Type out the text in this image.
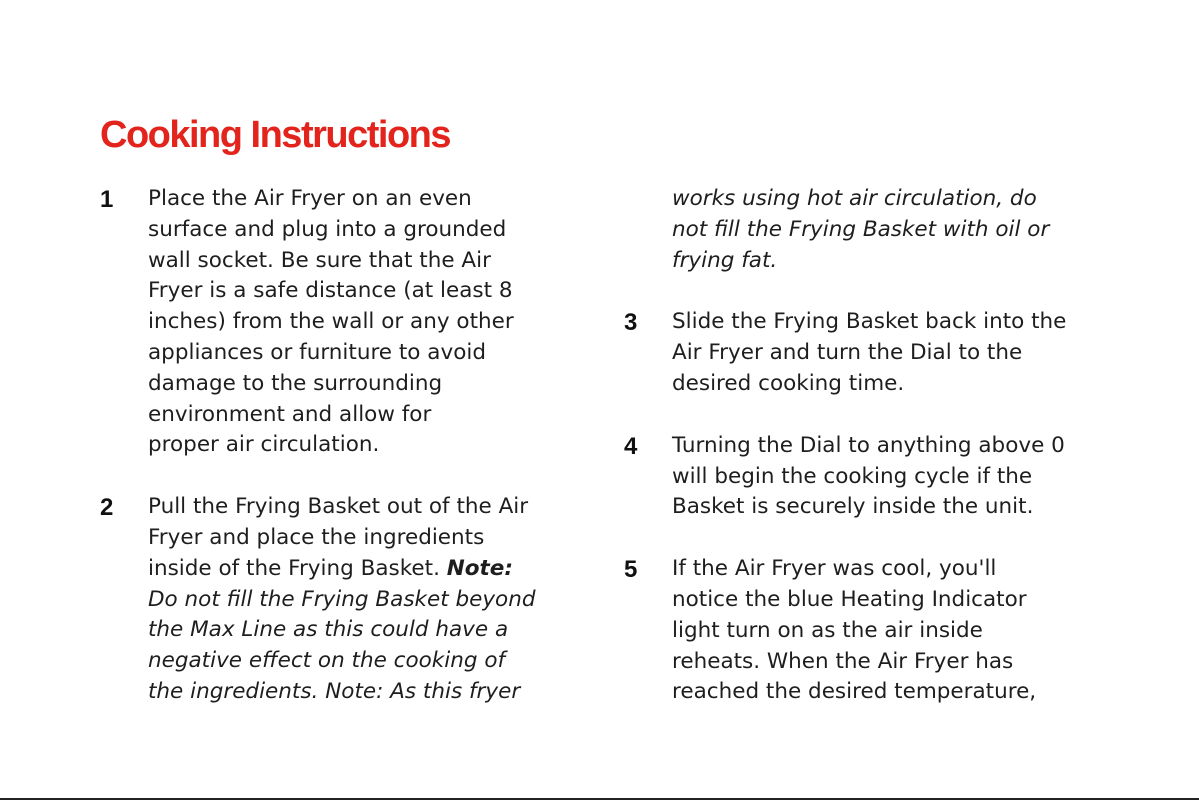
Cooking Instructions
1 Place the Air Fryer on an even
surface and plug into a grounded
wall socket. Be sure that the Air
Fryer is a safe distance (at least 8
inches) from the wall or any other
appliances or furniture to avoid
damage to the surrounding
environment and allow for
proper air circulation.
2 Pull the Frying Basket out of the Air
Fryer and place the ingredients
inside of the Frying Basket. Note:
Do not fill the Frying Basket beyond
the Max Line as this could have a
negative effect on the cooking of
the ingredients. Note: As this fryer
works using hot air circulation, do
not fill the Frying Basket with oil or
frying fat.
3 Slide the Frying Basket back into the
Air Fryer and turn the Dial to the
desired cooking time.
4 Turning the Dial to anything above 0
will begin the cooking cycle if the
Basket is securely inside the unit.
5 If the Air Fryer was cool, you'll
notice the blue Heating Indicator
light turn on as the air inside
reheats. When the Air Fryer has
reached the desired temperature,
